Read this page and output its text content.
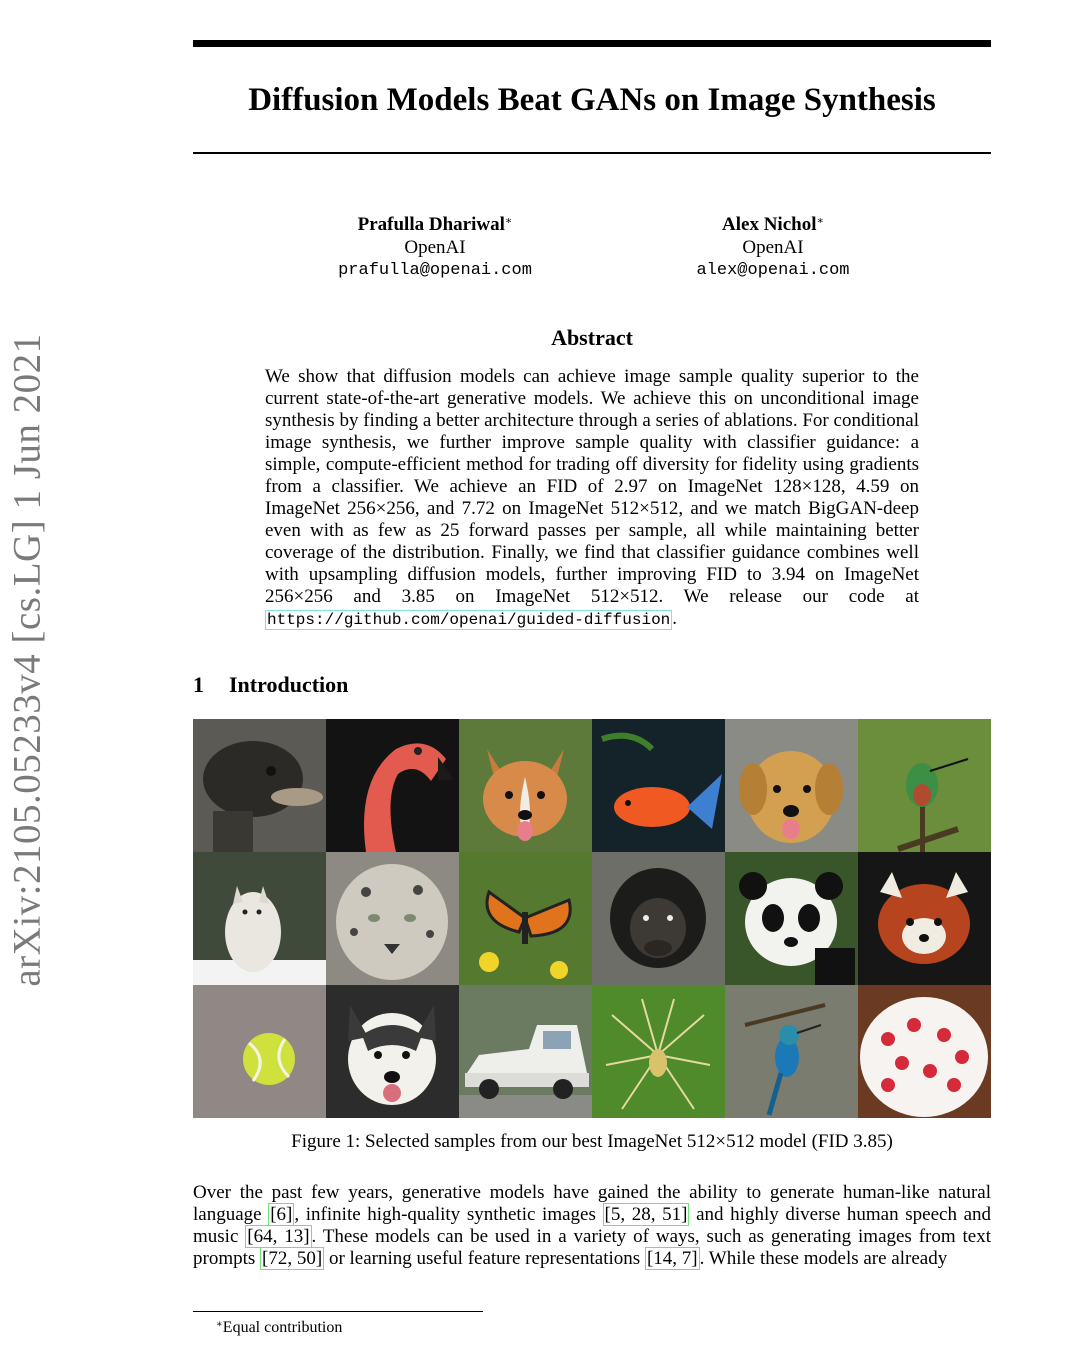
arXiv:2105.05233v4 [cs.LG] 1 Jun 2021
Diffusion Models Beat GANs on Image Synthesis
Prafulla Dhariwal∗
OpenAI
prafulla@openai.com
Alex Nichol∗
OpenAI
alex@openai.com
Abstract
We show that diffusion models can achieve image sample quality superior to the current state-of-the-art generative models. We achieve this on unconditional image synthesis by finding a better architecture through a series of ablations. For conditional image synthesis, we further improve sample quality with classifier guidance: a simple, compute-efficient method for trading off diversity for fidelity using gradients from a classifier. We achieve an FID of 2.97 on ImageNet 128×128, 4.59 on ImageNet 256×256, and 7.72 on ImageNet 512×512, and we match BigGAN-deep even with as few as 25 forward passes per sample, all while maintaining better coverage of the distribution. Finally, we find that classifier guidance combines well with upsampling diffusion models, further improving FID to 3.94 on ImageNet 256×256 and 3.85 on ImageNet 512×512. We release our code at https://github.com/openai/guided-diffusion .
1 Introduction
Figure 1: Selected samples from our best ImageNet 512×512 model (FID 3.85)
Over the past few years, generative models have gained the ability to generate human-like natural language [6] , infinite high-quality synthetic images [5, 28, 51] and highly diverse human speech and music [64, 13] . These models can be used in a variety of ways, such as generating images from text prompts [72, 50] or learning useful feature representations [14, 7] . While these models are already
∗Equal contribution
